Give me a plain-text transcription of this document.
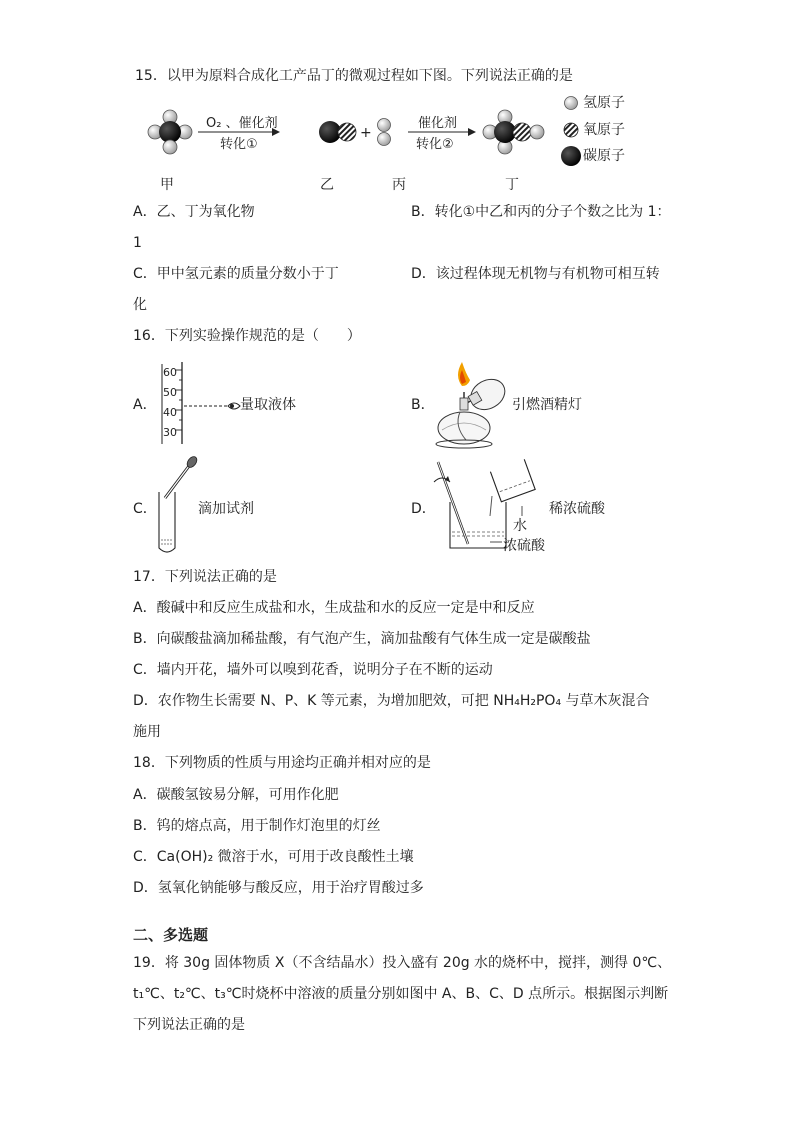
15．以甲为原料合成化工产品丁的微观过程如下图。下列说法正确的是
O₂ 、催化剂
转化①
+
催化剂
转化②
氢原子
氧原子
碳原子
甲	乙	丙	丁
A．乙、丁为氧化物	B．转化①中乙和丙的分子个数之比为 1：
1
C．甲中氢元素的质量分数小于丁	D．该过程体现无机物与有机物可相互转
化
16．下列实验操作规范的是（　　）
A．
60
50
40
30
量取液体	B．	引燃酒精灯
C．	滴加试剂	D．	稀浓硫酸
水
浓硫酸
17．下列说法正确的是
A．酸碱中和反应生成盐和水，生成盐和水的反应一定是中和反应
B．向碳酸盐滴加稀盐酸，有气泡产生，滴加盐酸有气体生成一定是碳酸盐
C．墙内开花，墙外可以嗅到花香，说明分子在不断的运动
D．农作物生长需要 N、P、K 等元素，为增加肥效，可把 NH₄H₂PO₄ 与草木灰混合
施用
18．下列物质的性质与用途均正确并相对应的是
A．碳酸氢铵易分解，可用作化肥
B．钨的熔点高，用于制作灯泡里的灯丝
C．Ca(OH)₂ 微溶于水，可用于改良酸性土壤
D．氢氧化钠能够与酸反应，用于治疗胃酸过多
二、多选题
19．将 30g 固体物质 X（不含结晶水）投入盛有 20g 水的烧杯中，搅拌，测得 0℃、
t₁℃、t₂℃、t₃℃时烧杯中溶液的质量分别如图中 A、B、C、D 点所示。根据图示判断
下列说法正确的是
